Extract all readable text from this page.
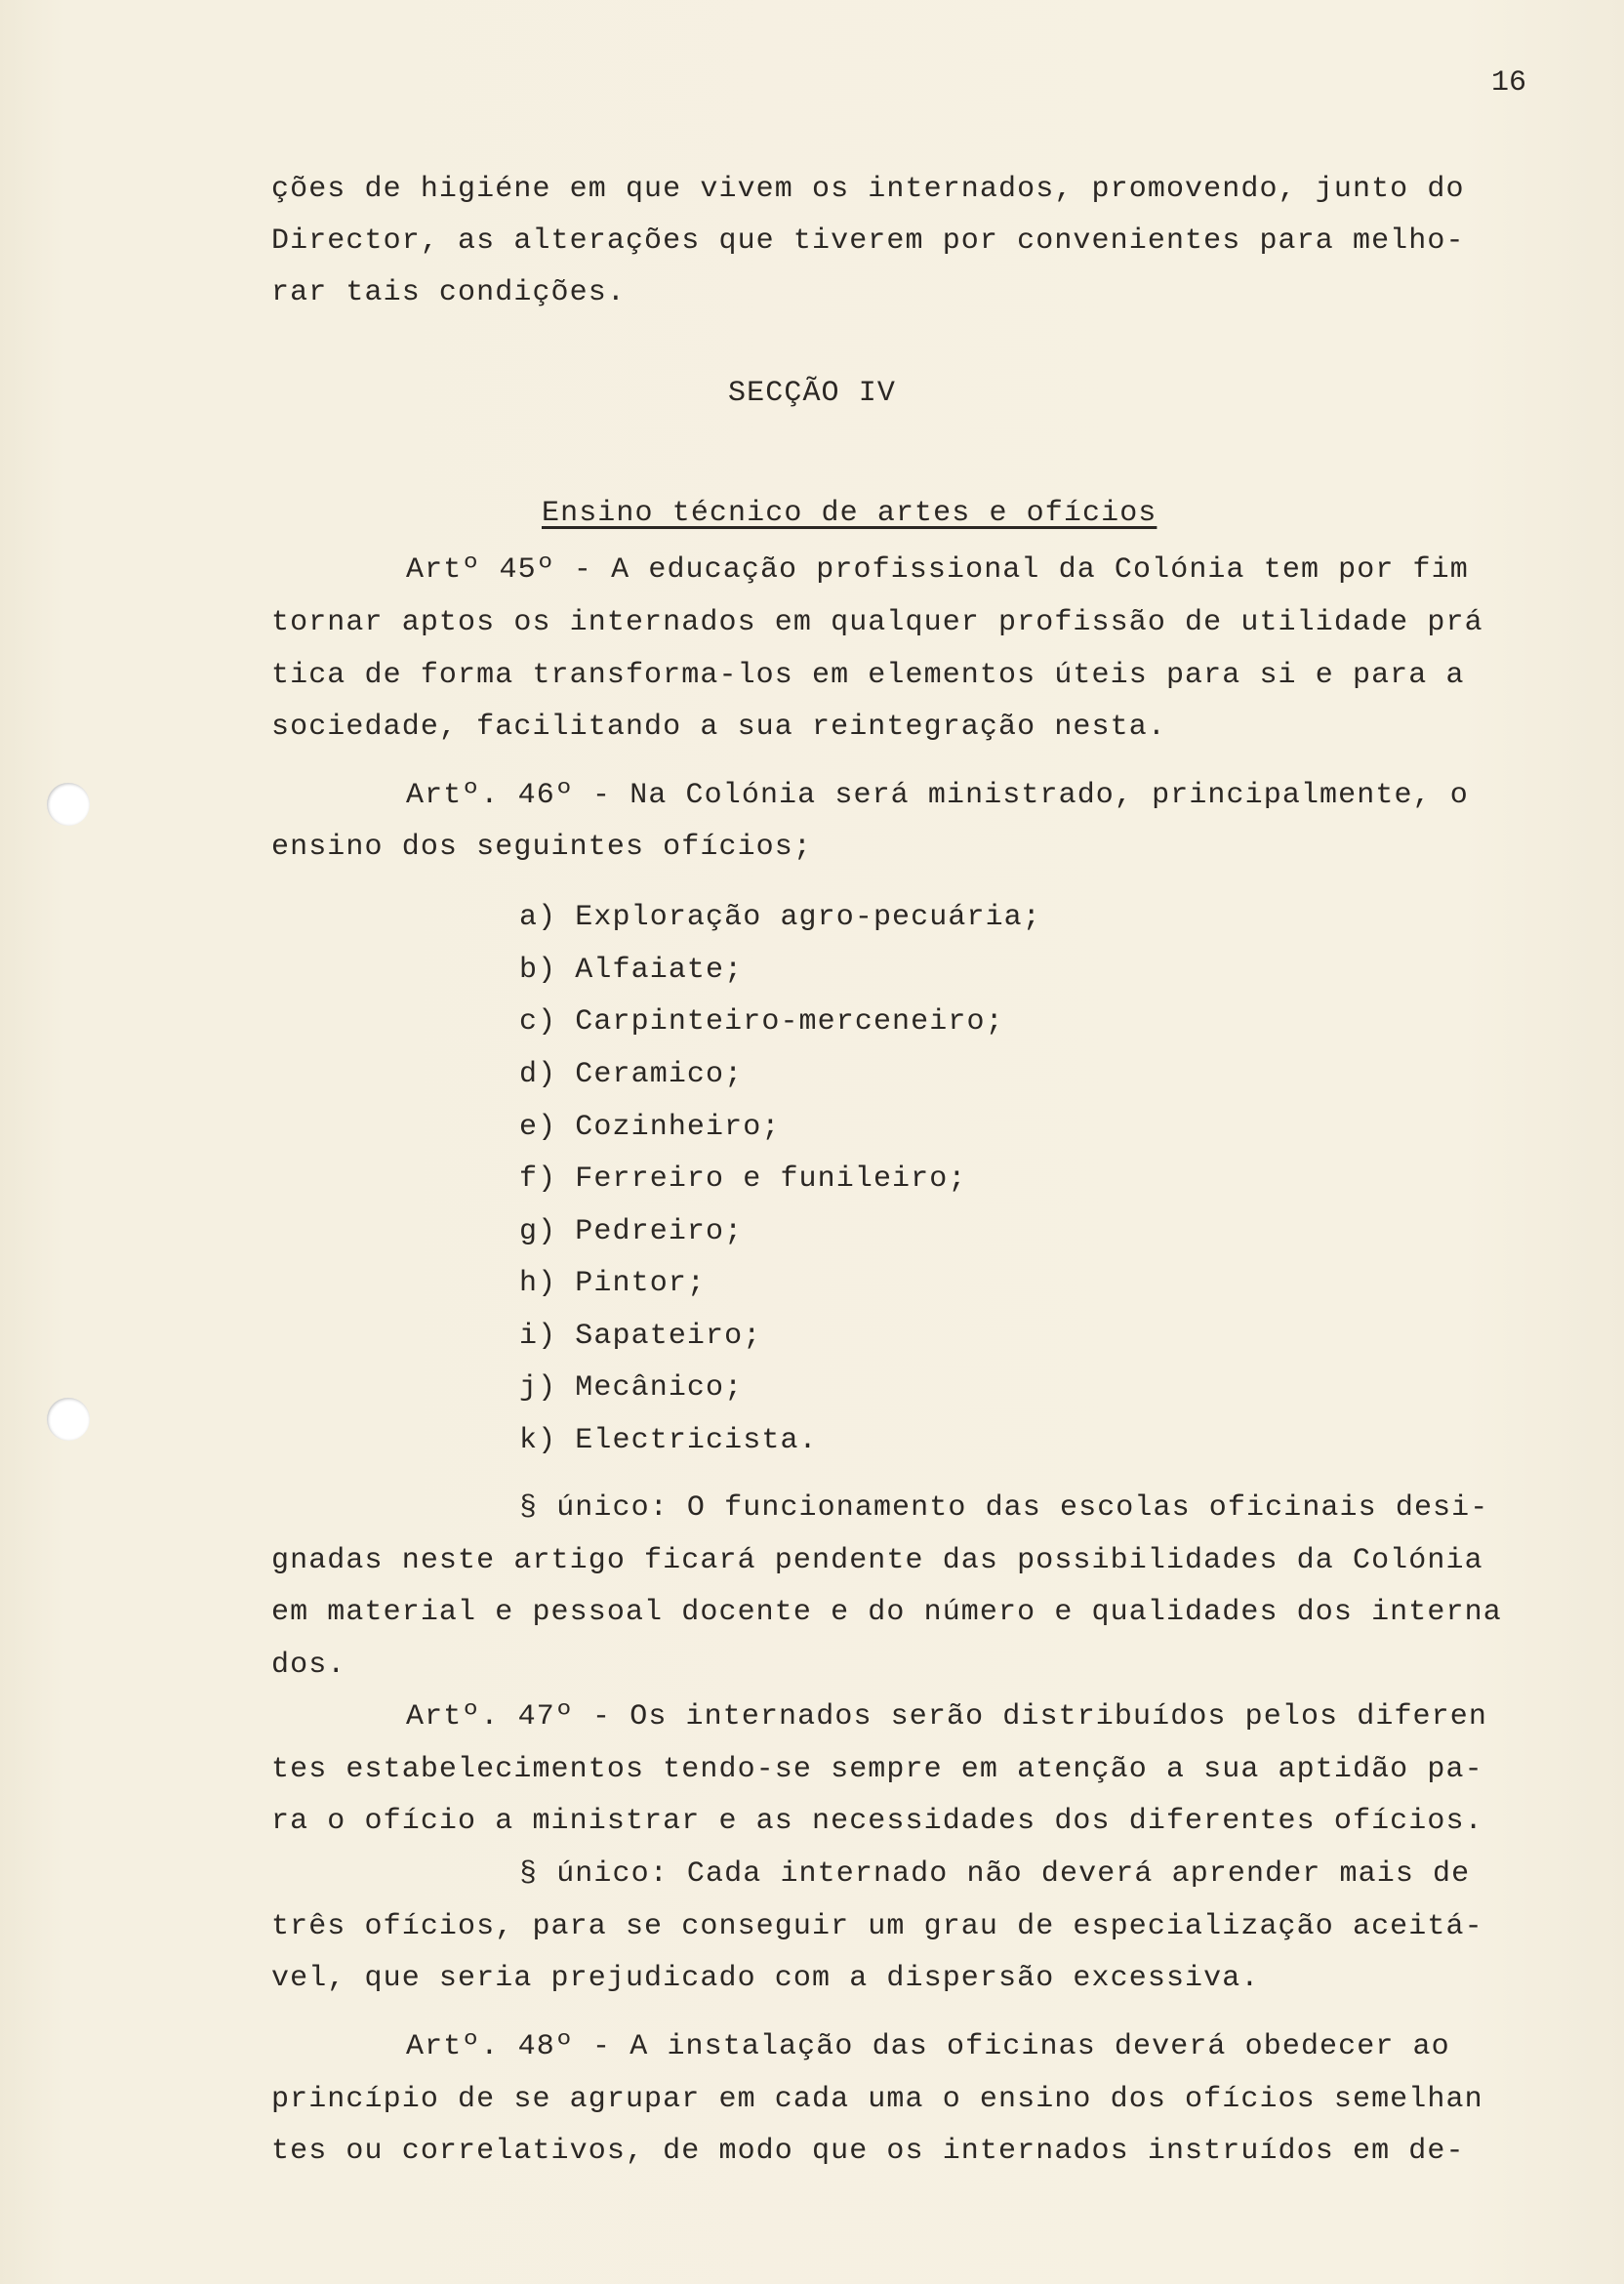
16
ções de higiéne em que vivem os internados, promovendo, junto do
Director, as alterações que tiverem por convenientes para melho-
rar tais condições.
SECÇÃO IV

Ensino técnico de artes e ofícios

Artº 45º - A educação profissional da Colónia tem por fim
tornar aptos os internados em qualquer profissão de utilidade prá
tica de forma transforma-los em elementos úteis para si e para a
sociedade, facilitando a sua reintegração nesta.
Artº. 46º - Na Colónia será ministrado, principalmente, o
ensino dos seguintes ofícios;
a) Exploração agro-pecuária;
b) Alfaiate;
c) Carpinteiro-merceneiro;
d) Ceramico;
e) Cozinheiro;
f) Ferreiro e funileiro;
g) Pedreiro;
h) Pintor;
i) Sapateiro;
j) Mecânico;
k) Electricista.
§ único: O funcionamento das escolas oficinais desi-
gnadas neste artigo ficará pendente das possibilidades da Colónia
em material e pessoal docente e do número e qualidades dos interna
dos.
Artº. 47º - Os internados serão distribuídos pelos diferen
tes estabelecimentos tendo-se sempre em atenção a sua aptidão pa-
ra o ofício a ministrar e as necessidades dos diferentes ofícios.
§ único: Cada internado não deverá aprender mais de
três ofícios, para se conseguir um grau de especialização aceitá-
vel, que seria prejudicado com a dispersão excessiva.
Artº. 48º - A instalação das oficinas deverá obedecer ao
princípio de se agrupar em cada uma o ensino dos ofícios semelhan
tes ou correlativos, de modo que os internados instruídos em de-
